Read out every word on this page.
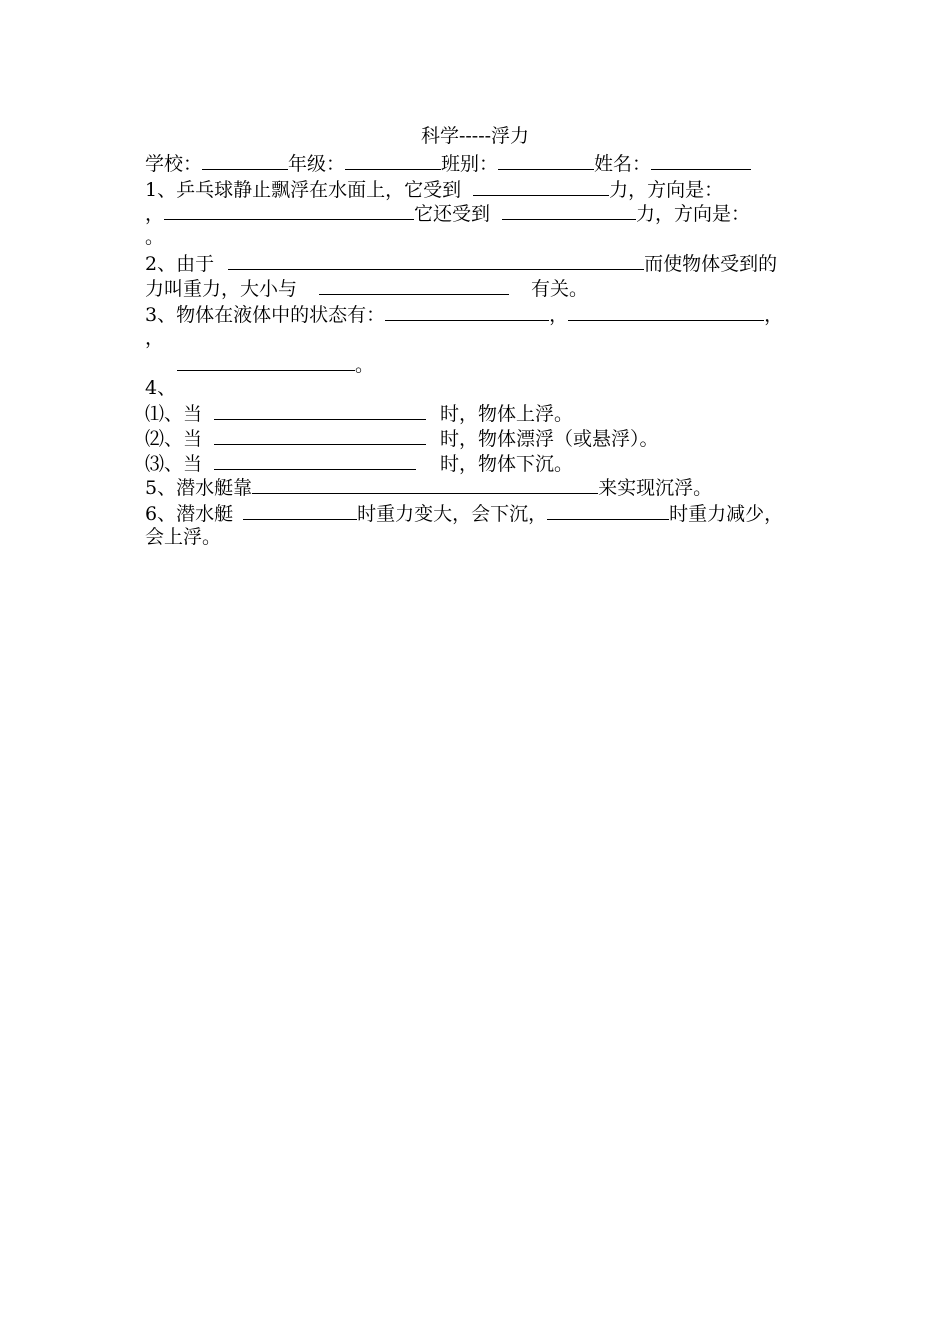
科学-----浮力
学校：	年级：	班别：	姓名：
1、乒乓球静止飘浮在水面上，它受到	力，方向是：
，	它还受到	力，方向是：
。
2、由于	而使物体受到的
力叫重力，大小与	有关。
3、物体在液体中的状态有：	，	，
，
。
4、
⑴、当	时，物体上浮。
⑵、当	时，物体漂浮（或悬浮）。
⑶、当	时，物体下沉。
5、潜水艇靠	来实现沉浮。
6、潜水艇	时重力变大，会下沉，	时重力减少，
会上浮。
